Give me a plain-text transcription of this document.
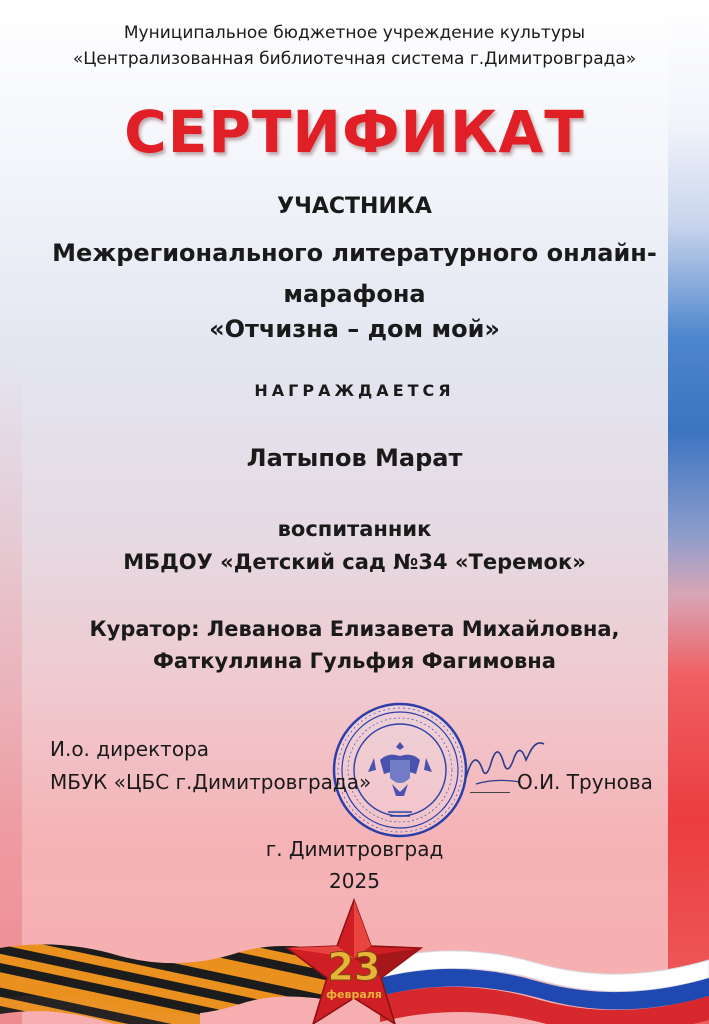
Муниципальное бюджетное учреждение культуры
«Централизованная библиотечная система г.Димитровграда»
СЕРТИФИКАТ
УЧАСТНИКА
Межрегионального литературного онлайн-
марафона
«Отчизна – дом мой»
НАГРАЖДАЕТСЯ
Латыпов Марат
воспитанник
МБДОУ «Детский сад №34 «Теремок»
Куратор: Леванова Елизавета Михайловна,
Фаткуллина Гульфия Фагимовна
И.о. директора
МБУК «ЦБС г.Димитровграда»	О.И. Трунова
г. Димитровград
2025
23
февраля
